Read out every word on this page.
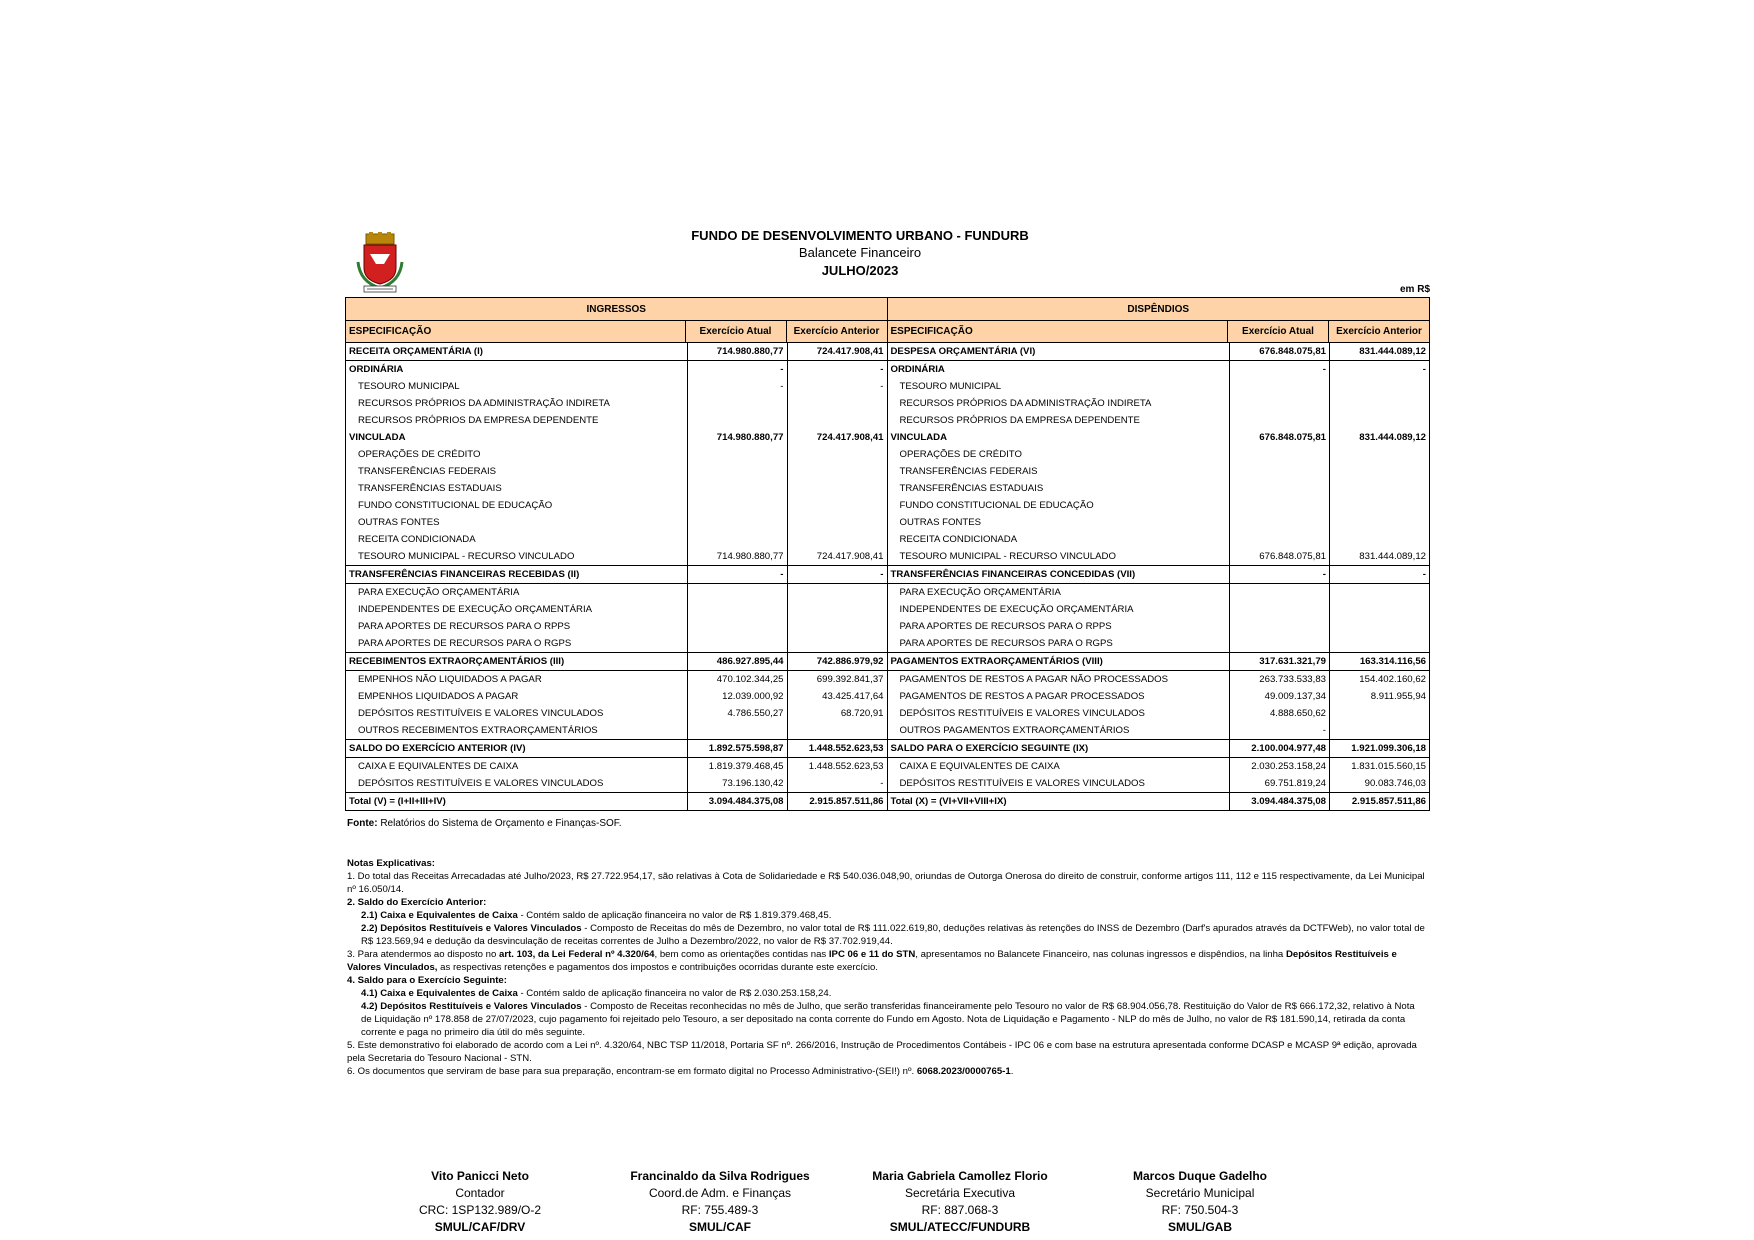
FUNDO DE DESENVOLVIMENTO URBANO - FUNDURB
Balancete Financeiro
JULHO/2023
em R$
INGRESSOS
ESPECIFICAÇÃO	Exercício Atual	Exercício Anterior
RECEITA ORÇAMENTÁRIA (I)	714.980.880,77	724.417.908,41
ORDINÁRIA	-	-
TESOURO MUNICIPAL	-	-
RECURSOS PRÓPRIOS DA ADMINISTRAÇÃO INDIRETA
RECURSOS PRÓPRIOS DA EMPRESA DEPENDENTE
VINCULADA	714.980.880,77	724.417.908,41
OPERAÇÕES DE CRÉDITO
TRANSFERÊNCIAS FEDERAIS
TRANSFERÊNCIAS ESTADUAIS
FUNDO CONSTITUCIONAL DE EDUCAÇÃO
OUTRAS FONTES
RECEITA CONDICIONADA
TESOURO MUNICIPAL - RECURSO VINCULADO	714.980.880,77	724.417.908,41
TRANSFERÊNCIAS FINANCEIRAS RECEBIDAS (II)	-	-
PARA EXECUÇÃO ORÇAMENTÁRIA
INDEPENDENTES DE EXECUÇÃO ORÇAMENTÁRIA
PARA APORTES DE RECURSOS PARA O RPPS
PARA APORTES DE RECURSOS PARA O RGPS
RECEBIMENTOS EXTRAORÇAMENTÁRIOS (III)	486.927.895,44	742.886.979,92
EMPENHOS NÃO LIQUIDADOS A PAGAR	470.102.344,25	699.392.841,37
EMPENHOS LIQUIDADOS A PAGAR	12.039.000,92	43.425.417,64
DEPÓSITOS RESTITUÍVEIS E VALORES VINCULADOS	4.786.550,27	68.720,91
OUTROS RECEBIMENTOS EXTRAORÇAMENTÁRIOS
SALDO DO EXERCÍCIO ANTERIOR (IV)	1.892.575.598,87	1.448.552.623,53
CAIXA E EQUIVALENTES DE CAIXA	1.819.379.468,45	1.448.552.623,53
DEPÓSITOS RESTITUÍVEIS E VALORES VINCULADOS	73.196.130,42	-
Total (V) = (I+II+III+IV)	3.094.484.375,08	2.915.857.511,86
DISPÊNDIOS
ESPECIFICAÇÃO	Exercício Atual	Exercício Anterior
DESPESA ORÇAMENTÁRIA (VI)	676.848.075,81	831.444.089,12
ORDINÁRIA	-	-
TESOURO MUNICIPAL
RECURSOS PRÓPRIOS DA ADMINISTRAÇÃO INDIRETA
RECURSOS PRÓPRIOS DA EMPRESA DEPENDENTE
VINCULADA	676.848.075,81	831.444.089,12
OPERAÇÕES DE CRÉDITO
TRANSFERÊNCIAS FEDERAIS
TRANSFERÊNCIAS ESTADUAIS
FUNDO CONSTITUCIONAL DE EDUCAÇÃO
OUTRAS FONTES
RECEITA CONDICIONADA
TESOURO MUNICIPAL - RECURSO VINCULADO	676.848.075,81	831.444.089,12
TRANSFERÊNCIAS FINANCEIRAS CONCEDIDAS (VII)	-	-
PARA EXECUÇÃO ORÇAMENTÁRIA
INDEPENDENTES DE EXECUÇÃO ORÇAMENTÁRIA
PARA APORTES DE RECURSOS PARA O RPPS
PARA APORTES DE RECURSOS PARA O RGPS
PAGAMENTOS EXTRAORÇAMENTÁRIOS (VIII)	317.631.321,79	163.314.116,56
PAGAMENTOS DE RESTOS A PAGAR NÃO PROCESSADOS	263.733.533,83	154.402.160,62
PAGAMENTOS DE RESTOS A PAGAR PROCESSADOS	49.009.137,34	8.911.955,94
DEPÓSITOS RESTITUÍVEIS E VALORES VINCULADOS	4.888.650,62
OUTROS PAGAMENTOS EXTRAORÇAMENTÁRIOS	-
SALDO PARA O EXERCÍCIO SEGUINTE (IX)	2.100.004.977,48	1.921.099.306,18
CAIXA E EQUIVALENTES DE CAIXA	2.030.253.158,24	1.831.015.560,15
DEPÓSITOS RESTITUÍVEIS E VALORES VINCULADOS	69.751.819,24	90.083.746,03
Total (X) = (VI+VII+VIII+IX)	3.094.484.375,08	2.915.857.511,86
Fonte: Relatórios do Sistema de Orçamento e Finanças-SOF.

Notas Explicativas:

1. Do total das Receitas Arrecadadas até Julho/2023, R$ 27.722.954,17, são relativas à Cota de Solidariedade e R$ 540.036.048,90, oriundas de Outorga Onerosa do direito de construir, conforme artigos 111, 112 e 115 respectivamente, da Lei Municipal nº 16.050/14.

2. Saldo do Exercício Anterior:

2.1) Caixa e Equivalentes de Caixa - Contém saldo de aplicação financeira no valor de R$ 1.819.379.468,45.

2.2) Depósitos Restituíveis e Valores Vinculados - Composto de Receitas do mês de Dezembro, no valor total de R$ 111.022.619,80, deduções relativas às retenções do INSS de Dezembro (Darf's apurados através da DCTFWeb), no valor total de R$ 123.569,94 e dedução da desvinculação de receitas correntes de Julho a Dezembro/2022, no valor de R$ 37.702.919,44.

3. Para atendermos ao disposto no art. 103, da Lei Federal nº 4.320/64, bem como as orientações contidas nas IPC 06 e 11 do STN, apresentamos no Balancete Financeiro, nas colunas ingressos e dispêndios, na linha Depósitos Restituíveis e Valores Vinculados, as respectivas retenções e pagamentos dos impostos e contribuições ocorridas durante este exercício.

4. Saldo para o Exercício Seguinte:

4.1) Caixa e Equivalentes de Caixa - Contém saldo de aplicação financeira no valor de R$ 2.030.253.158,24.

4.2) Depósitos Restituíveis e Valores Vinculados - Composto de Receitas reconhecidas no mês de Julho, que serão transferidas financeiramente pelo Tesouro no valor de R$ 68.904.056,78. Restituição do Valor de R$ 666.172,32, relativo à Nota de Liquidação nº 178.858 de 27/07/2023, cujo pagamento foi rejeitado pelo Tesouro, a ser depositado na conta corrente do Fundo em Agosto. Nota de Liquidação e Pagamento - NLP do mês de Julho, no valor de R$ 181.590,14, retirada da conta corrente e paga no primeiro dia útil do mês seguinte.

5. Este demonstrativo foi elaborado de acordo com a Lei nº. 4.320/64, NBC TSP 11/2018, Portaria SF nº. 266/2016, Instrução de Procedimentos Contábeis - IPC 06 e com base na estrutura apresentada conforme DCASP e MCASP 9ª edição, aprovada pela Secretaria do Tesouro Nacional - STN.

6. Os documentos que serviram de base para sua preparação, encontram-se em formato digital no Processo Administrativo-(SEI!) nº. 6068.2023/0000765-1.

Vito Panicci Neto
Contador
CRC: 1SP132.989/O-2
SMUL/CAF/DRV
Francinaldo da Silva Rodrigues
Coord.de Adm. e Finanças
RF: 755.489-3
SMUL/CAF
Maria Gabriela Camollez Florio
Secretária Executiva
RF: 887.068-3
SMUL/ATECC/FUNDURB
Marcos Duque Gadelho
Secretário Municipal
RF: 750.504-3
SMUL/GAB
